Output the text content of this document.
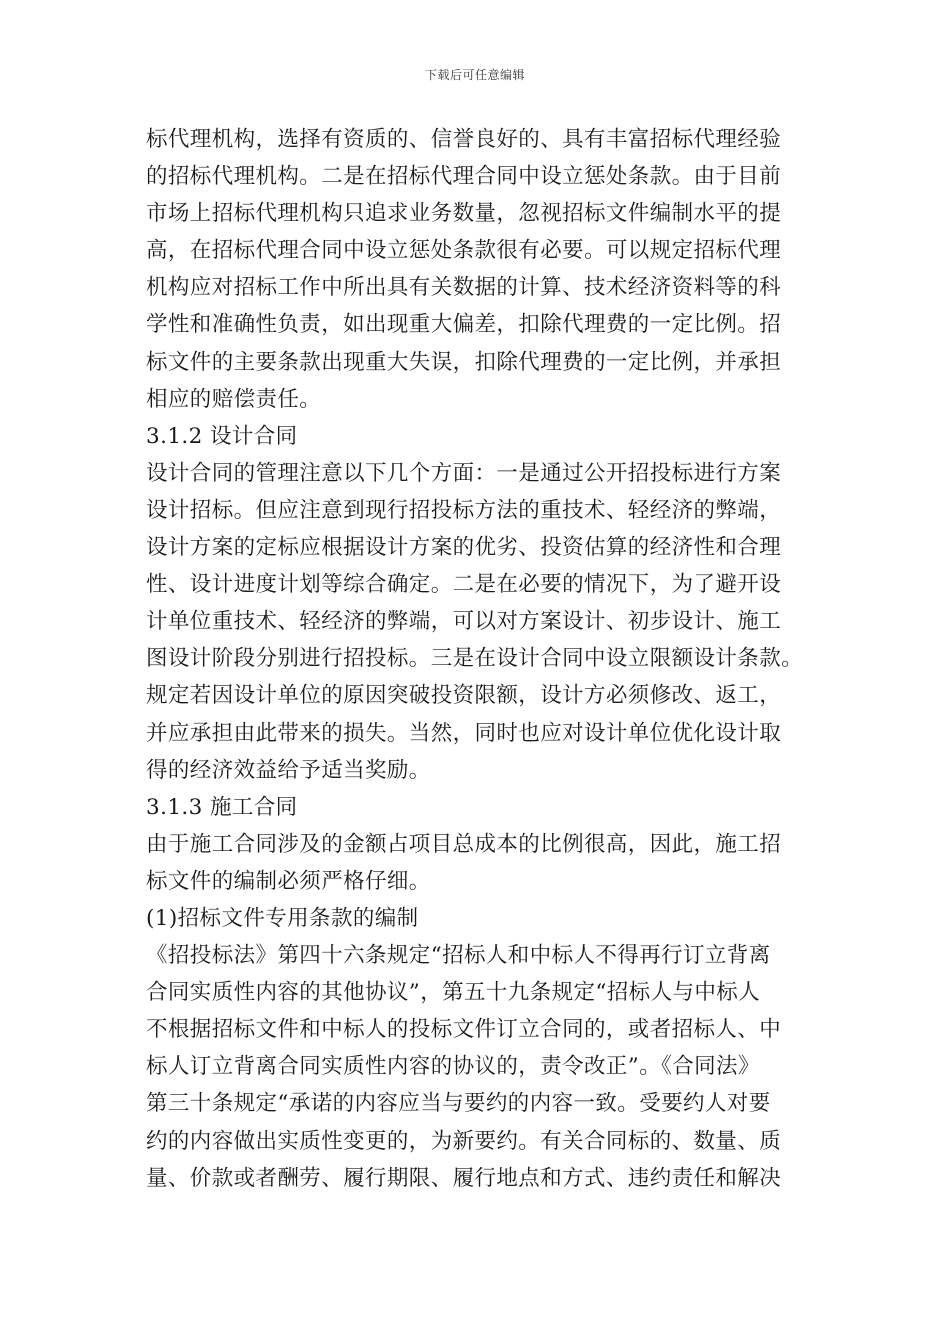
下载后可任意编辑
标代理机构，选择有资质的、信誉良好的、具有丰富招标代理经验
的招标代理机构。二是在招标代理合同中设立惩处条款。由于目前
市场上招标代理机构只追求业务数量，忽视招标文件编制水平的提
高，在招标代理合同中设立惩处条款很有必要。可以规定招标代理
机构应对招标工作中所出具有关数据的计算、技术经济资料等的科
学性和准确性负责，如出现重大偏差，扣除代理费的一定比例。招
标文件的主要条款出现重大失误，扣除代理费的一定比例，并承担
相应的赔偿责任。
3.1.2 设计合同
设计合同的管理注意以下几个方面：一是通过公开招投标进行方案
设计招标。但应注意到现行招投标方法的重技术、轻经济的弊端，
设计方案的定标应根据设计方案的优劣、投资估算的经济性和合理
性、设计进度计划等综合确定。二是在必要的情况下，为了避开设
计单位重技术、轻经济的弊端，可以对方案设计、初步设计、施工
图设计阶段分别进行招投标。三是在设计合同中设立限额设计条款。
规定若因设计单位的原因突破投资限额，设计方必须修改、返工，
并应承担由此带来的损失。当然，同时也应对设计单位优化设计取
得的经济效益给予适当奖励。
3.1.3 施工合同
由于施工合同涉及的金额占项目总成本的比例很高，因此，施工招
标文件的编制必须严格仔细。
(1)招标文件专用条款的编制
《招投标法》第四十六条规定“招标人和中标人不得再行订立背离
合同实质性内容的其他协议”，第五十九条规定“招标人与中标人
不根据招标文件和中标人的投标文件订立合同的，或者招标人、中
标人订立背离合同实质性内容的协议的，责令改正”。《合同法》
第三十条规定“承诺的内容应当与要约的内容一致。受要约人对要
约的内容做出实质性变更的，为新要约。有关合同标的、数量、质
量、价款或者酬劳、履行期限、履行地点和方式、违约责任和解决
